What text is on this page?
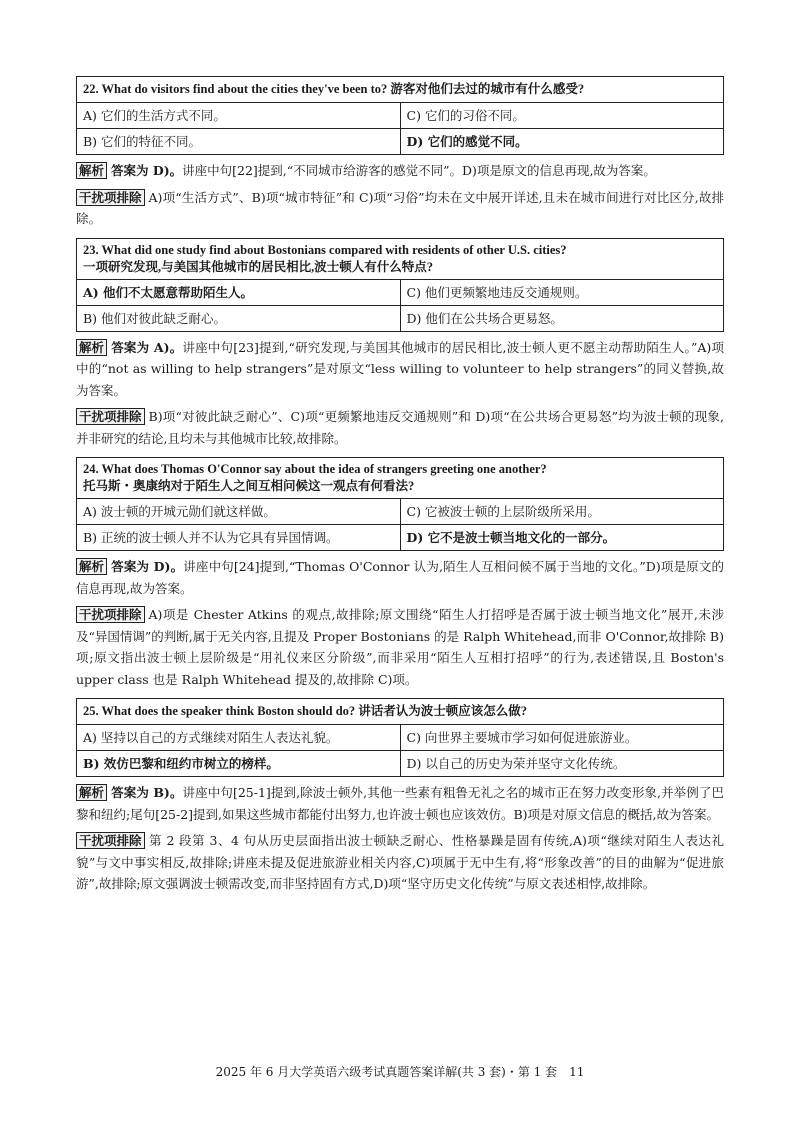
22. What do visitors find about the cities they've been to? 游客对他们去过的城市有什么感受?	
A) 它们的生活方式不同。	C) 它们的习俗不同。
B) 它们的特征不同。	D) 它们的感觉不同。

解析 答案为 D)。讲座中句[22]提到,“不同城市给游客的感觉不同”。D)项是原文的信息再现,故为答案。

干扰项排除 A)项“生活方式”、B)项“城市特征”和 C)项“习俗”均未在文中展开详述,且未在城市间进行对比区分,故排除。

23. What did one study find about Bostonians compared with residents of other U.S. cities?
一项研究发现,与美国其他城市的居民相比,波士顿人有什么特点?	

A) 他们不太愿意帮助陌生人。	C) 他们更频繁地违反交通规则。
B) 他们对彼此缺乏耐心。	D) 他们在公共场合更易怒。

解析 答案为 A)。讲座中句[23]提到,“研究发现,与美国其他城市的居民相比,波士顿人更不愿主动帮助陌生人。”A)项中的“not as willing to help strangers”是对原文“less willing to volunteer to help strangers”的同义替换,故为答案。

干扰项排除 B)项“对彼此缺乏耐心”、C)项“更频繁地违反交通规则”和 D)项“在公共场合更易怒”均为波士顿的现象,并非研究的结论,且均未与其他城市比较,故排除。

24. What does Thomas O'Connor say about the idea of strangers greeting one another?
托马斯・奥康纳对于陌生人之间互相问候这一观点有何看法?	

A) 波士顿的开城元勋们就这样做。	C) 它被波士顿的上层阶级所采用。
B) 正统的波士顿人并不认为它具有异国情调。	D) 它不是波士顿当地文化的一部分。

解析 答案为 D)。讲座中句[24]提到,“Thomas O'Connor 认为,陌生人互相问候不属于当地的文化。”D)项是原文的信息再现,故为答案。

干扰项排除 A)项是 Chester Atkins 的观点,故排除;原文围绕“陌生人打招呼是否属于波士顿当地文化”展开,未涉及“异国情调”的判断,属于无关内容,且提及 Proper Bostonians 的是 Ralph Whitehead,而非 O'Connor,故排除 B)项;原文指出波士顿上层阶级是“用礼仪来区分阶级”,而非采用“陌生人互相打招呼”的行为,表述错误,且 Boston's upper class 也是 Ralph Whitehead 提及的,故排除 C)项。

25. What does the speaker think Boston should do? 讲话者认为波士顿应该怎么做?	
A) 坚持以自己的方式继续对陌生人表达礼貌。	C) 向世界主要城市学习如何促进旅游业。
B) 效仿巴黎和纽约市树立的榜样。	D) 以自己的历史为荣并坚守文化传统。

解析 答案为 B)。讲座中句[25-1]提到,除波士顿外,其他一些素有粗鲁无礼之名的城市正在努力改变形象,并举例了巴黎和纽约;尾句[25-2]提到,如果这些城市都能付出努力,也许波士顿也应该效仿。B)项是对原文信息的概括,故为答案。

干扰项排除 第 2 段第 3、4 句从历史层面指出波士顿缺乏耐心、性格暴躁是固有传统,A)项“继续对陌生人表达礼貌”与文中事实相反,故排除;讲座未提及促进旅游业相关内容,C)项属于无中生有,将“形象改善”的目的曲解为“促进旅游”,故排除;原文强调波士顿需改变,而非坚持固有方式,D)项“坚守历史文化传统”与原文表述相悖,故排除。

2025 年 6 月大学英语六级考试真题答案详解(共 3 套)・第 1 套　11
